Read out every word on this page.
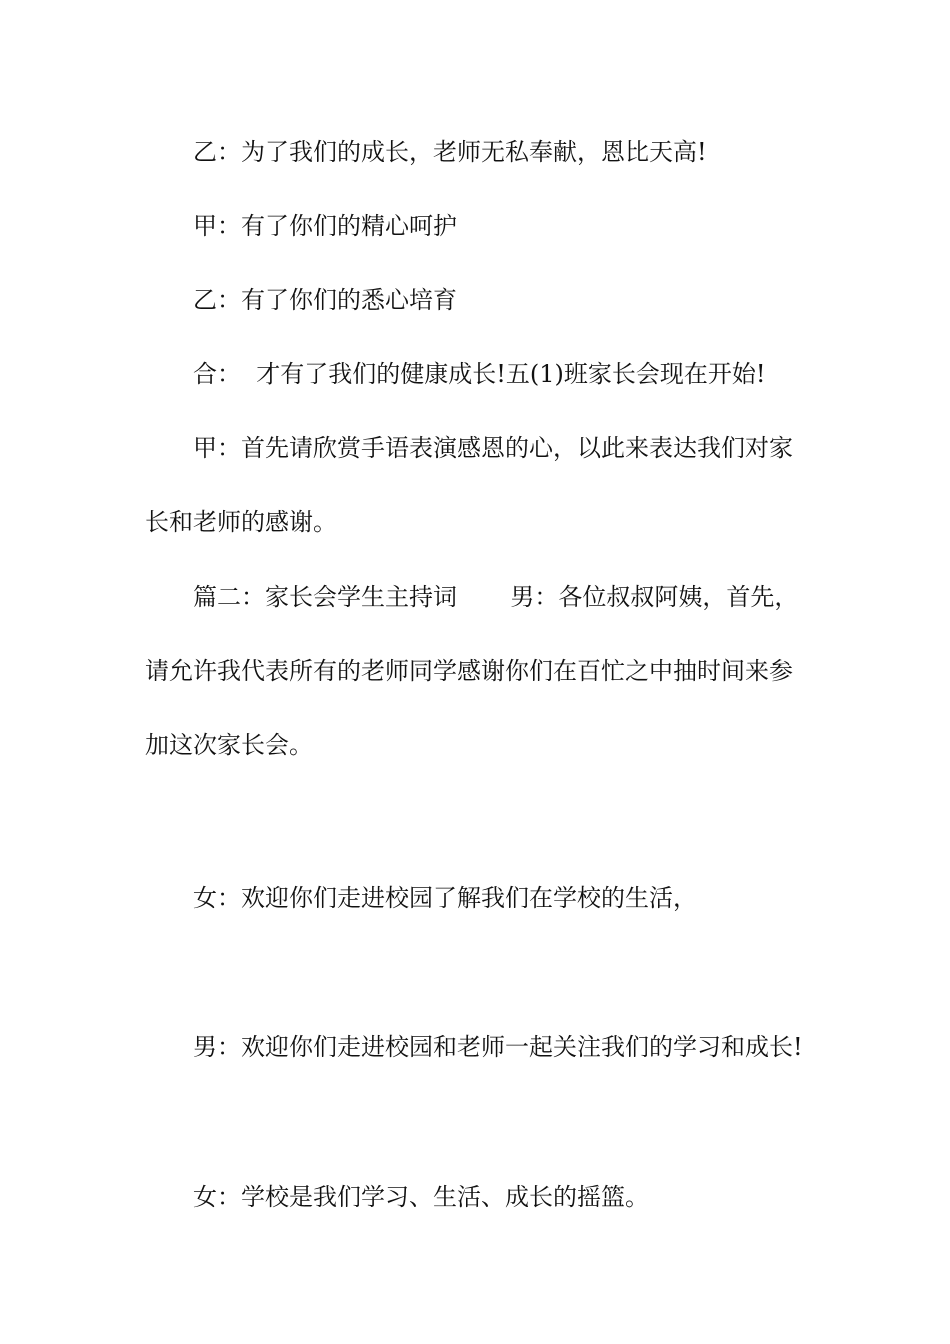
乙：为了我们的成长，老师无私奉献，恩比天高!
甲：有了你们的精心呵护
乙：有了你们的悉心培育
合：  才有了我们的健康成长!五(1)班家长会现在开始!
甲：首先请欣赏手语表演感恩的心，以此来表达我们对家
长和老师的感谢。
篇二：家长会学生主持词       男：各位叔叔阿姨，首先，
请允许我代表所有的老师同学感谢你们在百忙之中抽时间来参
加这次家长会。
女：欢迎你们走进校园了解我们在学校的生活，
男：欢迎你们走进校园和老师一起关注我们的学习和成长!
女：学校是我们学习、生活、成长的摇篮。
